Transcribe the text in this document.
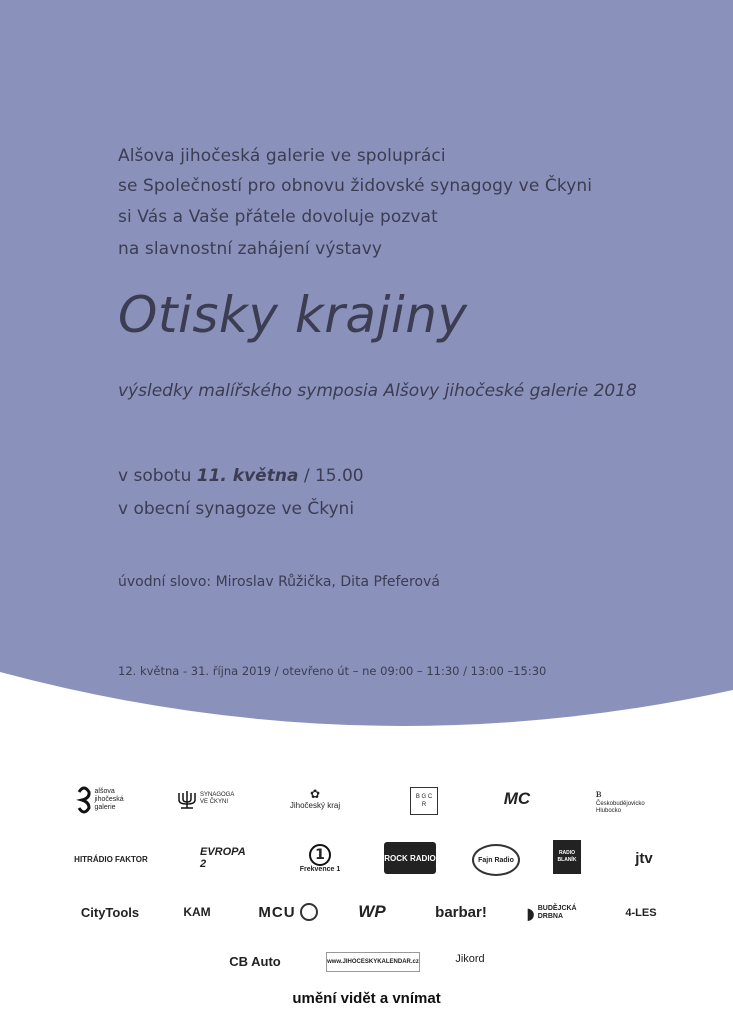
Alšova jihočeská galerie ve spolupráci
se Společností pro obnovu židovské synagogy ve Čkyni
si Vás a Vaše přátele dovoluje pozvat
na slavnostní zahájení výstavy
Otisky krajiny
výsledky malířského symposia Alšovy jihočeské galerie 2018
v sobotu 11. května / 15.00
v obecní synagoze ve Čkyni
úvodní slovo: Miroslav Růžička, Dita Pfeferová
12. května - 31. října 2019 / otevřeno út – ne 09:00 – 11:30 / 13:00 –15:30
alšova jihočeská galerie
SYNAGOGA VE ČKYNI
✿
Jihočeský kraj
B G C R	MC	ᏼ
Českobudějovicko Hlubocko
HITRÁDIO FAKTOR
EVROPA 2
1
Frekvence 1
ROCK RADIO	Fajn Radio
RADIO BLANÍK	jtv
CityTools	KAM	MCU	WP	barbar! ◗ BUDĚJCKÁ DRBNA	4-LES
CB Auto	www.JIHOCESKYKALENDAR.cz	Jikord
umění vidět a vnímat
